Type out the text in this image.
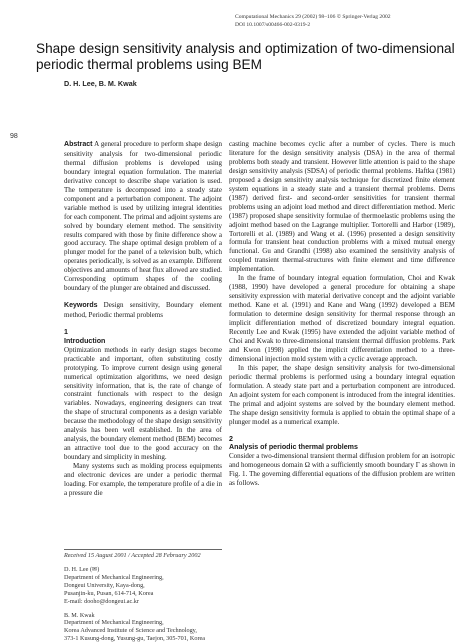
Computational Mechanics 29 (2002) 98–106 © Springer-Verlag 2002
DOI 10.1007/s00466-002-0319-2
Shape design sensitivity analysis and optimization of two-dimensional periodic thermal problems using BEM
D. H. Lee, B. M. Kwak
98

Abstract A general procedure to perform shape design sensitivity analysis for two-dimensional periodic thermal diffusion problems is developed using boundary integral equation formulation. The material derivative concept to describe shape variation is used. The temperature is decomposed into a steady state component and a perturbation component. The adjoint variable method is used by utilizing integral identities for each component. The primal and adjoint systems are solved by boundary element method. The sensitivity results compared with those by finite difference show a good accuracy. The shape optimal design problem of a plunger model for the panel of a television bulb, which operates periodically, is solved as an example. Different objectives and amounts of heat flux allowed are studied. Corresponding optimum shapes of the cooling boundary of the plunger are obtained and discussed.

Keywords Design sensitivity, Boundary element method, Periodic thermal problems

1
Introduction

Optimization methods in early design stages become practicable and important, often substituting costly prototyping. To improve current design using general numerical optimization algorithms, we need design sensitivity information, that is, the rate of change of constraint functionals with respect to the design variables. Nowadays, engineering designers can treat the shape of structural components as a design variable because the methodology of the shape design sensitivity analysis has been well established. In the area of analysis, the boundary element method (BEM) becomes an attractive tool due to the good accuracy on the boundary and simplicity in meshing.

Many systems such as molding process equipments and electronic devices are under a periodic thermal loading. For example, the temperature profile of a die in a pressure die

Received 15 August 2001 / Accepted 28 February 2002

D. H. Lee (✉)

Department of Mechanical Engineering,

Dongeui University, Kaya-dong,

Pusanjin-ku, Pusan, 614-714, Korea

E-mail: dooho@dongeui.ac.kr

B. M. Kwak

Department of Mechanical Engineering,

Korea Advanced Institute of Science and Technology,

373-1 Kusung-dong, Yusung-gu, Taejon, 305-701, Korea

casting machine becomes cyclic after a number of cycles. There is much literature for the design sensitivity analysis (DSA) in the area of thermal problems both steady and transient. However little attention is paid to the shape design sensitivity analysis (SDSA) of periodic thermal problems. Haftka (1981) proposed a design sensitivity analysis technique for discretized finite element system equations in a steady state and a transient thermal problems. Dems (1987) derived first- and second-order sensitivities for transient thermal problems using an adjoint load method and direct differentiation method. Meric (1987) proposed shape sensitivity formulae of thermoelastic problems using the adjoint method based on the Lagrange multiplier. Tortorelli and Harbor (1989), Tortorelli et al. (1989) and Wang et al. (1996) presented a design sensitivity formula for transient heat conduction problems with a mixed mutual energy functional. Gu and Grandhi (1998) also examined the sensitivity analysis of coupled transient thermal-structures with finite element and time difference implementation.

In the frame of boundary integral equation formulation, Choi and Kwak (1988, 1990) have developed a general procedure for obtaining a shape sensitivity expression with material derivative concept and the adjoint variable method. Kane et al. (1991) and Kane and Wang (1992) developed a BEM formulation to determine design sensitivity for thermal response through an implicit differentiation method of discretized boundary integral equation. Recently Lee and Kwak (1995) have extended the adjoint variable method of Choi and Kwak to three-dimensional transient thermal diffusion problems. Park and Kwon (1998) applied the implicit differentiation method to a three-dimensional injection mold system with a cyclic average approach.

In this paper, the shape design sensitivity analysis for two-dimensional periodic thermal problems is performed using a boundary integral equation formulation. A steady state part and a perturbation component are introduced. An adjoint system for each component is introduced from the integral identities. The primal and adjoint systems are solved by the boundary element method. The shape design sensitivity formula is applied to obtain the optimal shape of a plunger model as a numerical example.

2
Analysis of periodic thermal problems

Consider a two-dimensional transient thermal diffusion problem for an isotropic and homogeneous domain Ω with a sufficiently smooth boundary Γ as shown in Fig. 1. The governing differential equations of the diffusion problem are written as follows.
